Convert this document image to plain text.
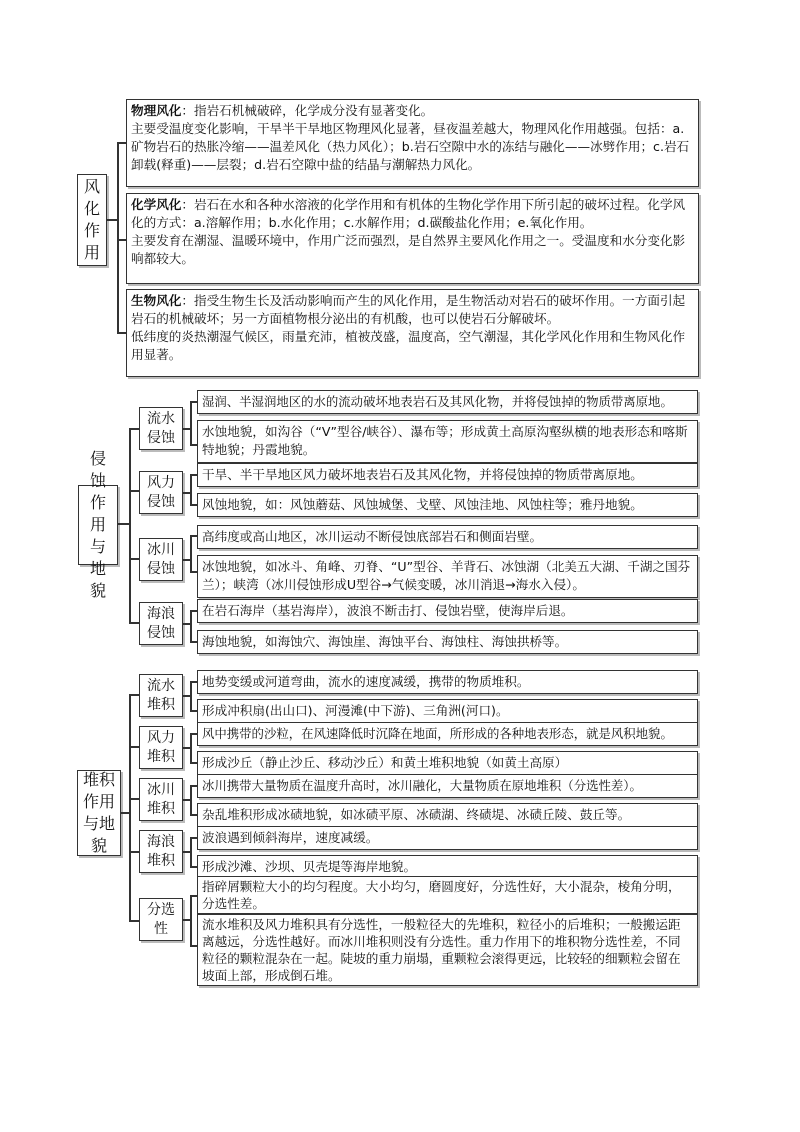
风化作用

物理风化：指岩石机械破碎，化学成分没有显著变化。

主要受温度变化影响，干旱半干旱地区物理风化显著，昼夜温差越大，物理风化作用越强。包括：a.矿物岩石的热胀冷缩——温差风化（热力风化）；b.岩石空隙中水的冻结与融化——冰劈作用；c.岩石卸载(释重)——层裂；d.岩石空隙中盐的结晶与潮解热力风化。

化学风化：岩石在水和各种水溶液的化学作用和有机体的生物化学作用下所引起的破坏过程。化学风化的方式：a.溶解作用；b.水化作用；c.水解作用；d.碳酸盐化作用；e.氧化作用。

主要发育在潮湿、温暖环境中，作用广泛而强烈，是自然界主要风化作用之一。受温度和水分变化影响都较大。

生物风化：指受生物生长及活动影响而产生的风化作用，是生物活动对岩石的破坏作用。一方面引起岩石的机械破坏；另一方面植物根分泌出的有机酸，也可以使岩石分解破坏。

低纬度的炎热潮湿气候区，雨量充沛，植被茂盛，温度高，空气潮湿，其化学风化作用和生物风化作用显著。

侵蚀作用与地貌
流水侵蚀
湿润、半湿润地区的水的流动破坏地表岩石及其风化物，并将侵蚀掉的物质带离原地。
水蚀地貌，如沟谷（“V”型谷/峡谷）、瀑布等；形成黄土高原沟壑纵横的地表形态和喀斯特地貌；丹霞地貌。
风力侵蚀
干旱、半干旱地区风力破坏地表岩石及其风化物，并将侵蚀掉的物质带离原地。
风蚀地貌，如：风蚀蘑菇、风蚀城堡、戈壁、风蚀洼地、风蚀柱等；雅丹地貌。
冰川侵蚀
高纬度或高山地区，冰川运动不断侵蚀底部岩石和侧面岩壁。
冰蚀地貌，如冰斗、角峰、刃脊、“U”型谷、羊背石、冰蚀湖（北美五大湖、千湖之国芬兰）；峡湾（冰川侵蚀形成U型谷→气候变暖，冰川消退→海水入侵）。
海浪侵蚀
在岩石海岸（基岩海岸），波浪不断击打、侵蚀岩壁，使海岸后退。
海蚀地貌，如海蚀穴、海蚀崖、海蚀平台、海蚀柱、海蚀拱桥等。
堆积作用与地貌
流水堆积
地势变缓或河道弯曲，流水的速度减缓，携带的物质堆积。
形成冲积扇(出山口)、河漫滩(中下游)、三角洲(河口)。
风力堆积
风中携带的沙粒，在风速降低时沉降在地面，所形成的各种地表形态，就是风积地貌。
形成沙丘（静止沙丘、移动沙丘）和黄土堆积地貌（如黄土高原）
冰川堆积
冰川携带大量物质在温度升高时，冰川融化，大量物质在原地堆积（分选性差）。
杂乱堆积形成冰碛地貌，如冰碛平原、冰碛湖、终碛堤、冰碛丘陵、鼓丘等。
海浪堆积
波浪遇到倾斜海岸，速度减缓。
形成沙滩、沙坝、贝壳堤等海岸地貌。
分选性
指碎屑颗粒大小的均匀程度。大小均匀，磨圆度好，分选性好，大小混杂，棱角分明，分选性差。
流水堆积及风力堆积具有分选性，一般粒径大的先堆积，粒径小的后堆积；一般搬运距离越远，分选性越好。而冰川堆积则没有分选性。重力作用下的堆积物分选性差，不同粒径的颗粒混杂在一起。陡坡的重力崩塌，重颗粒会滚得更远，比较轻的细颗粒会留在坡面上部，形成倒石堆。
